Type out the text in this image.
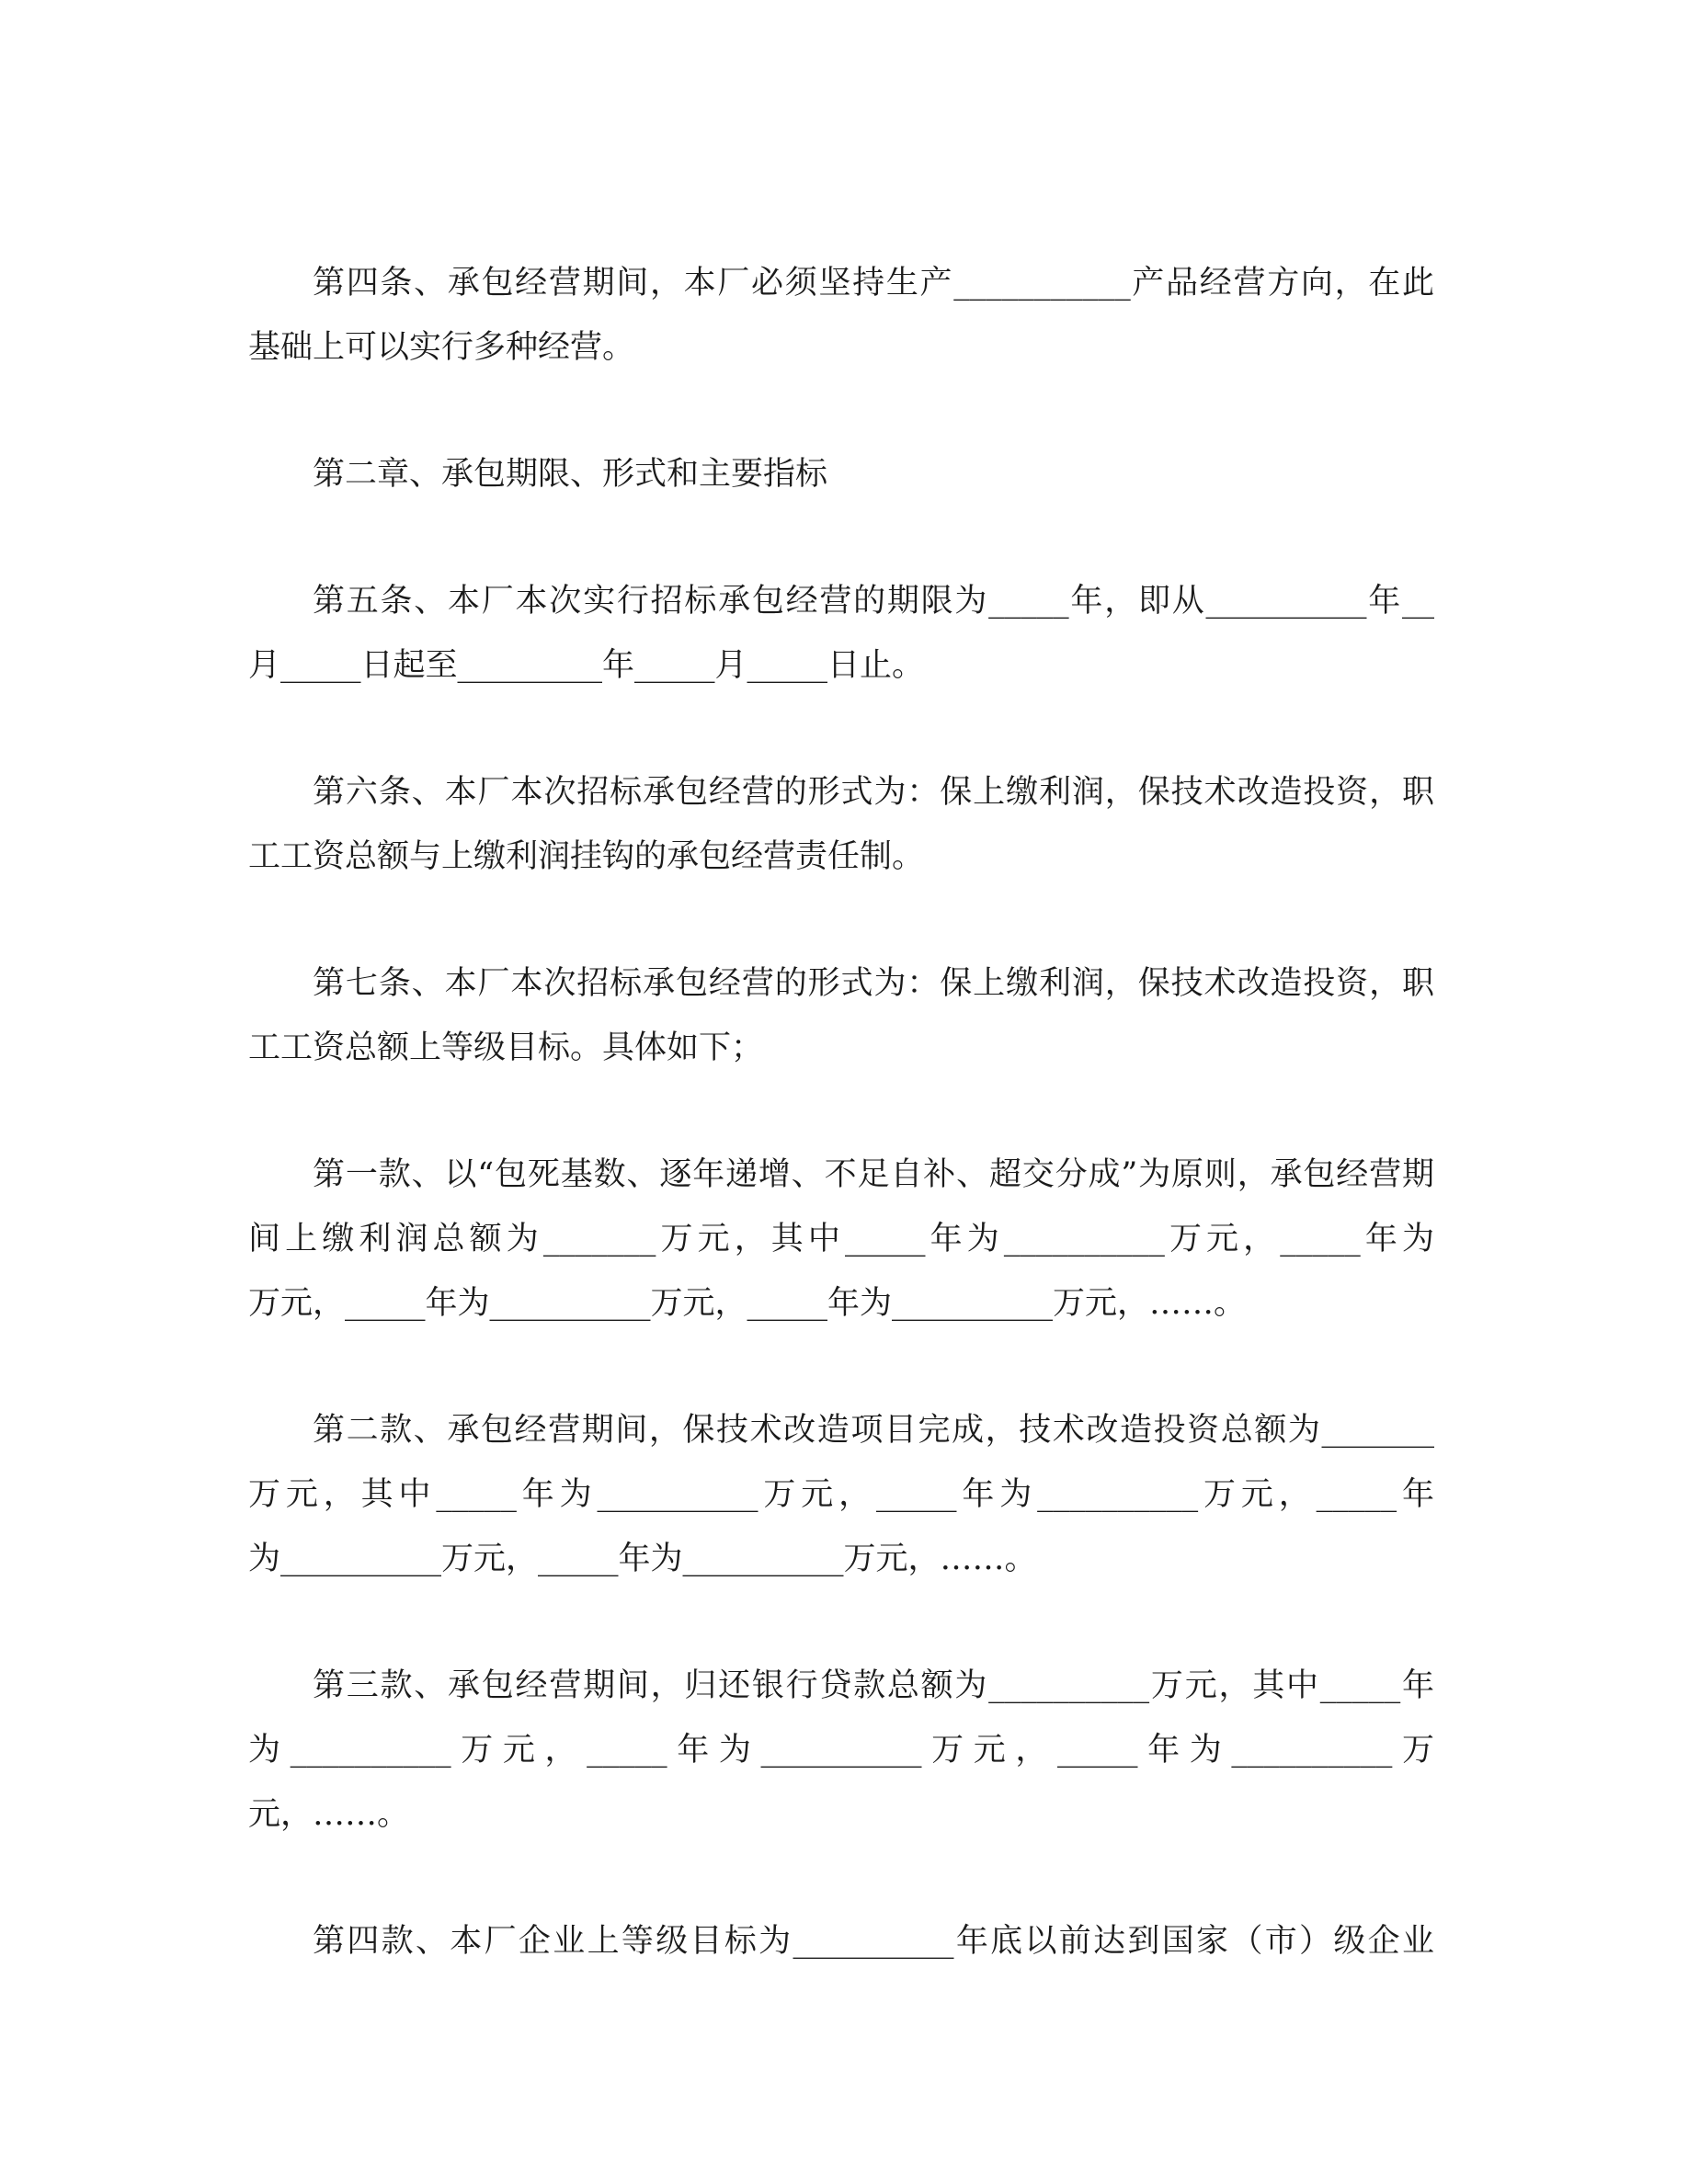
第四条、承包经营期间，本厂必须坚持生产___________产品经营方向，在此

基础上可以实行多种经营。

第二章、承包期限、形式和主要指标

第五条、本厂本次实行招标承包经营的期限为_____年，即从__________年__

月_____日起至_________年_____月_____日止。

第六条、本厂本次招标承包经营的形式为：保上缴利润，保技术改造投资，职

工工资总额与上缴利润挂钩的承包经营责任制。

第七条、本厂本次招标承包经营的形式为：保上缴利润，保技术改造投资，职

工工资总额上等级目标。具体如下；

第一款、以“包死基数、逐年递增、不足自补、超交分成”为原则，承包经营期

间上缴利润总额为_______万元，其中_____年为__________万元，_____年为

万元，_____年为__________万元，_____年为__________万元，……。

第二款、承包经营期间，保技术改造项目完成，技术改造投资总额为_______

万元，其中_____年为__________万元，_____年为__________万元，_____年

为__________万元，_____年为__________万元，……。

第三款、承包经营期间，归还银行贷款总额为__________万元，其中_____年

为__________万元，_____年为__________万元，_____年为__________万

元，……。

第四款、本厂企业上等级目标为__________年底以前达到国家（市）级企业
